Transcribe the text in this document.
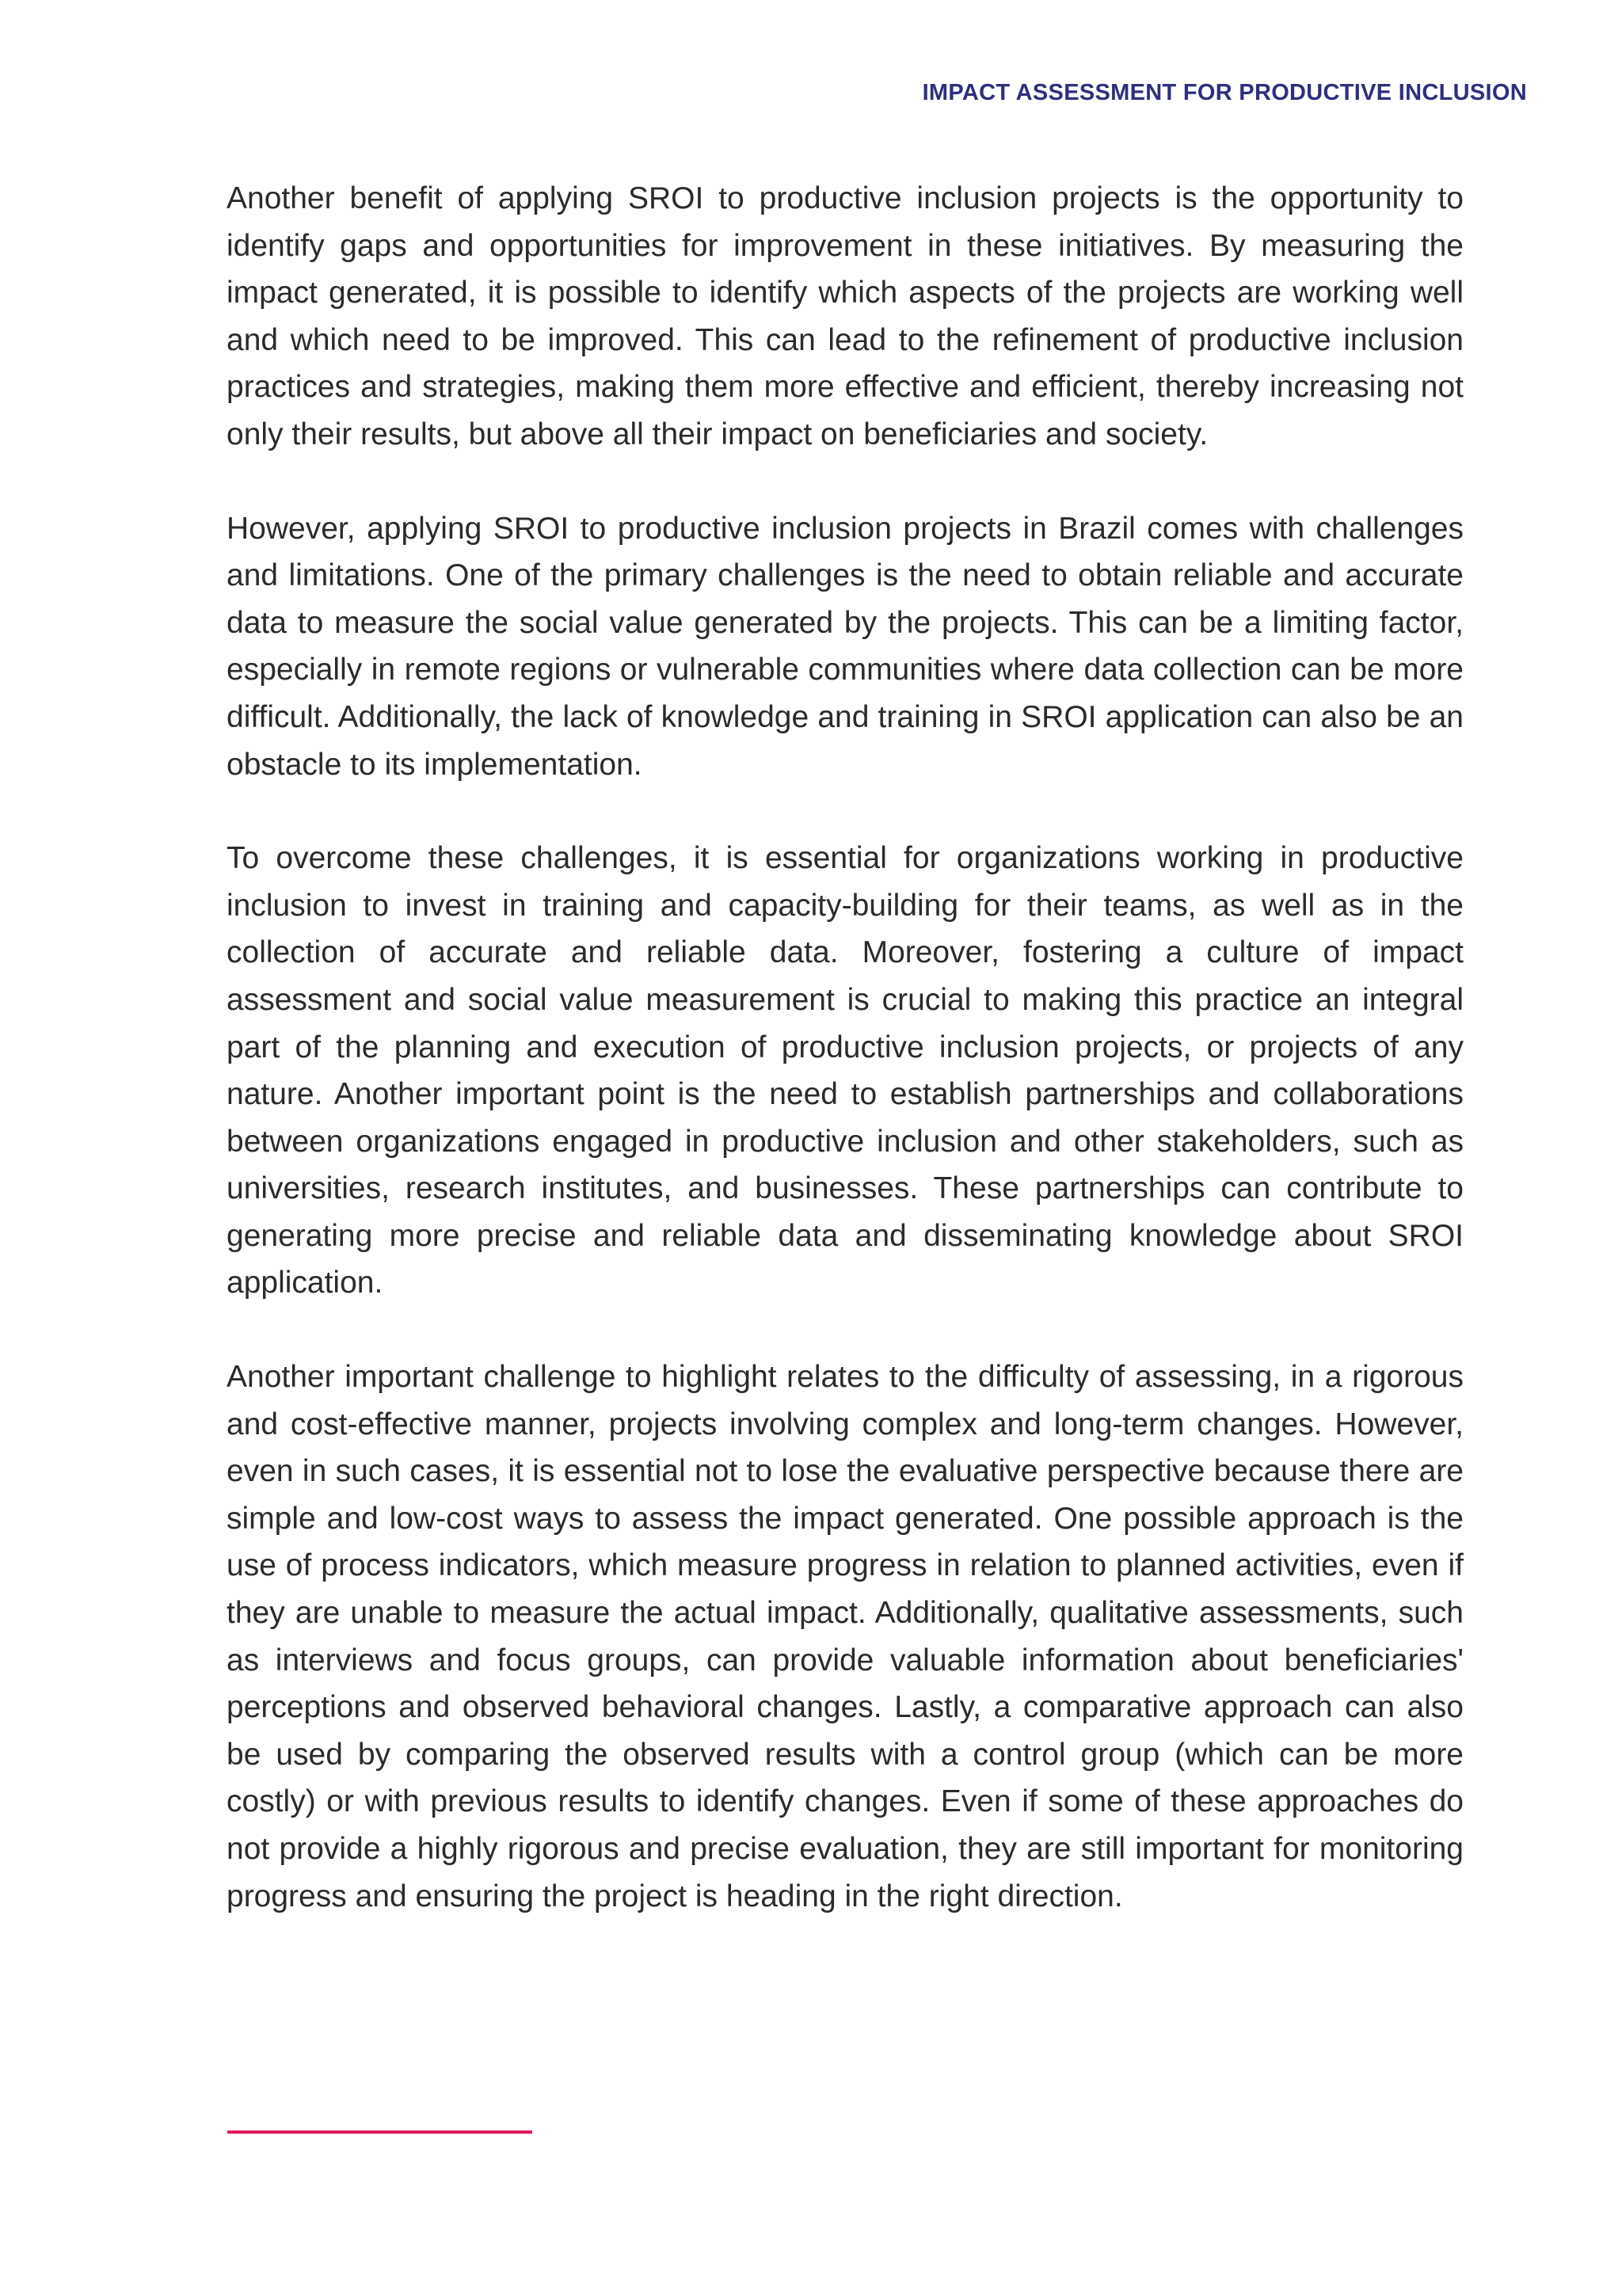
IMPACT ASSESSMENT FOR PRODUCTIVE INCLUSION

Another benefit of applying SROI to productive inclusion projects is the opportunity to identify gaps and opportunities for improvement in these initiatives. By measuring the impact generated, it is possible to identify which aspects of the projects are working well and which need to be improved. This can lead to the refinement of productive inclusion practices and strategies, making them more effective and efficient, thereby increasing not only their results, but above all their impact on beneficiaries and society.

However, applying SROI to productive inclusion projects in Brazil comes with challenges and limitations. One of the primary challenges is the need to obtain reliable and accurate data to measure the social value generated by the projects. This can be a limiting factor, especially in remote regions or vulnerable communities where data collection can be more difficult. Additionally, the lack of knowledge and training in SROI application can also be an obstacle to its implementation.

To overcome these challenges, it is essential for organizations working in productive inclusion to invest in training and capacity-building for their teams, as well as in the collection of accurate and reliable data. Moreover, fostering a culture of impact assessment and social value measurement is crucial to making this practice an integral part of the planning and execution of productive inclusion projects, or projects of any nature. Another important point is the need to establish partnerships and collaborations between organizations engaged in productive inclusion and other stakeholders, such as universities, research institutes, and businesses. These partnerships can contribute to generating more precise and reliable data and disseminating knowledge about SROI application.

Another important challenge to highlight relates to the difficulty of assessing, in a rigorous and cost-effective manner, projects involving complex and long-term changes. However, even in such cases, it is essential not to lose the evaluative perspective because there are simple and low-cost ways to assess the impact generated. One possible approach is the use of process indicators, which measure progress in relation to planned activities, even if they are unable to measure the actual impact. Additionally, qualitative assessments, such as interviews and focus groups, can provide valuable information about beneficiaries' perceptions and observed behavioral changes. Lastly, a comparative approach can also be used by comparing the observed results with a control group (which can be more costly) or with previous results to identify changes. Even if some of these approaches do not provide a highly rigorous and precise evaluation, they are still important for monitoring progress and ensuring the project is heading in the right direction.
